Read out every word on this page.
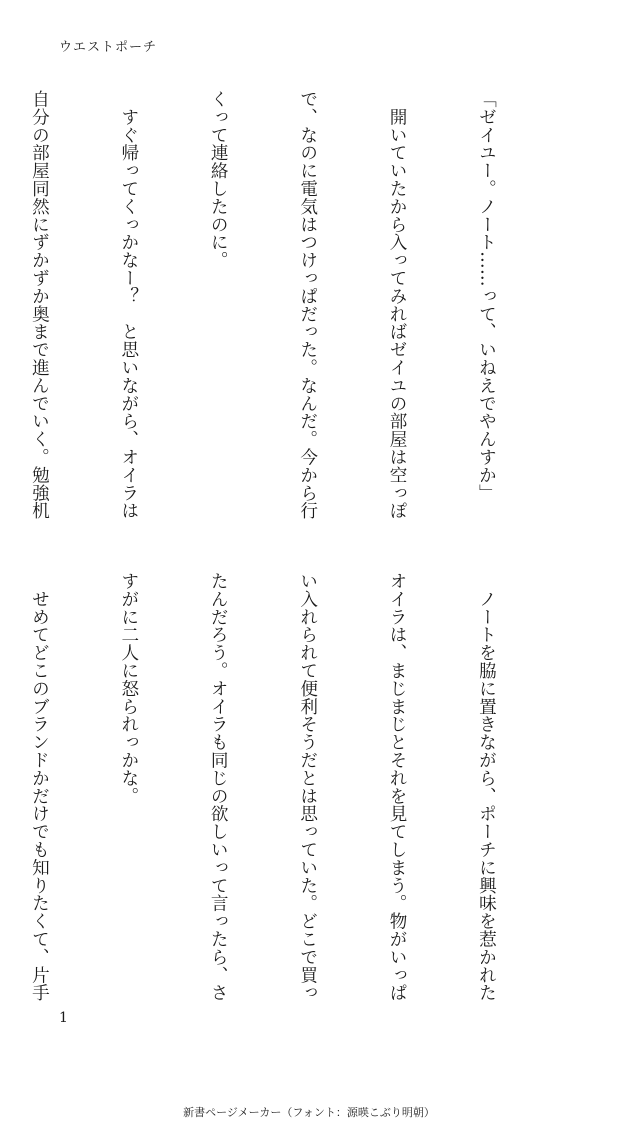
ウエストポーチ

「ゼイユー。ノート……って、いねえでやんすか」

　開いていたから入ってみればゼイユの部屋は空っぽ

で、なのに電気はつけっぱだった。なんだ。今から行

くって連絡したのに。

　すぐ帰ってくっかなー？　と思いながら、オイラは

自分の部屋同然にずかずか奥まで進んでいく。勉強机

　ノートを脇に置きながら、ポーチに興味を惹かれた

オイラは、まじまじとそれを見てしまう。物がいっぱ

い入れられて便利そうだとは思っていた。どこで買っ

たんだろう。オイラも同じの欲しいって言ったら、さ

すがに二人に怒られっかな。

　せめてどこのブランドかだけでも知りたくて、片手

1
新書ページメーカー（フォント：源暎こぶり明朝）
